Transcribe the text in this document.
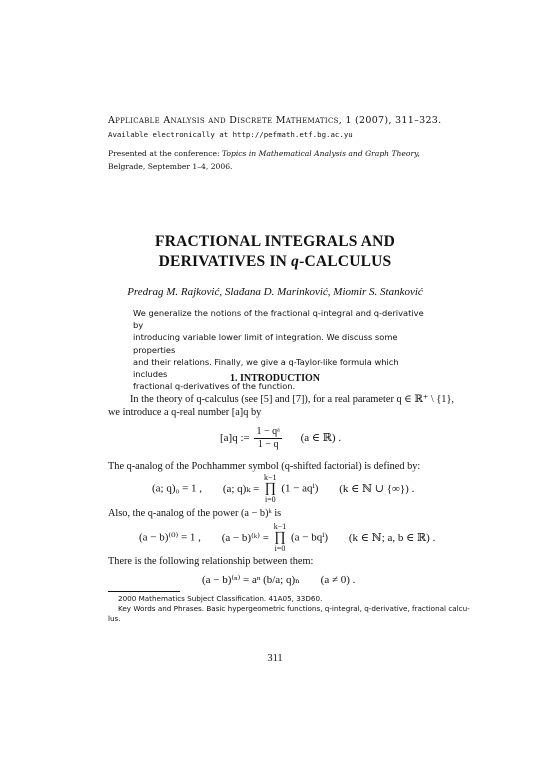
Applicable Analysis and Discrete Mathematics, 1 (2007), 311–323.
Available electronically at http://pefmath.etf.bg.ac.yu
Presented at the conference: Topics in Mathematical Analysis and Graph Theory,
Belgrade, September 1–4, 2006.
FRACTIONAL INTEGRALS AND
DERIVATIVES IN q-CALCULUS
Predrag M. Rajković, Slađana D. Marinković, Miomir S. Stanković
We generalize the notions of the fractional q-integral and q-derivative by
introducing variable lower limit of integration. We discuss some properties
and their relations. Finally, we give a q-Taylor-like formula which includes
fractional q-derivatives of the function.
1. INTRODUCTION
In the theory of q-calculus (see [5] and [7]), for a real parameter q ∈ ℝ⁺ \ {1},
we introduce a q-real number [a]q by
[a]q := $\frac{\text{1 − qᵃ}}{1 - q} (a$ ∈ ℝ) .
The q-analog of the Pochhammer symbol (q-shifted factorial) is defined by:
(a; q)₀ = 1 , (a; q)ₖ = k−1
∏
i=0 (1 − aqⁱ) (k ∈ ℕ ∪ {∞}) .
Also, the q-analog of the power (a − b)ᵏ is
(a − b)⁽⁰⁾ = 1 , (a − b)⁽ᵏ⁾ = k−1
∏
i=0 (a − bqⁱ) (k ∈ ℕ; a, b ∈ ℝ) .
There is the following relationship between them:
(a − b)⁽ⁿ⁾ = aⁿ (b/a; q)ₙ (a ≠ 0) .
2000 Mathematics Subject Classification. 41A05, 33D60.
Key Words and Phrases. Basic hypergeometric functions, q-integral, q-derivative, fractional calcu-
lus.
311
